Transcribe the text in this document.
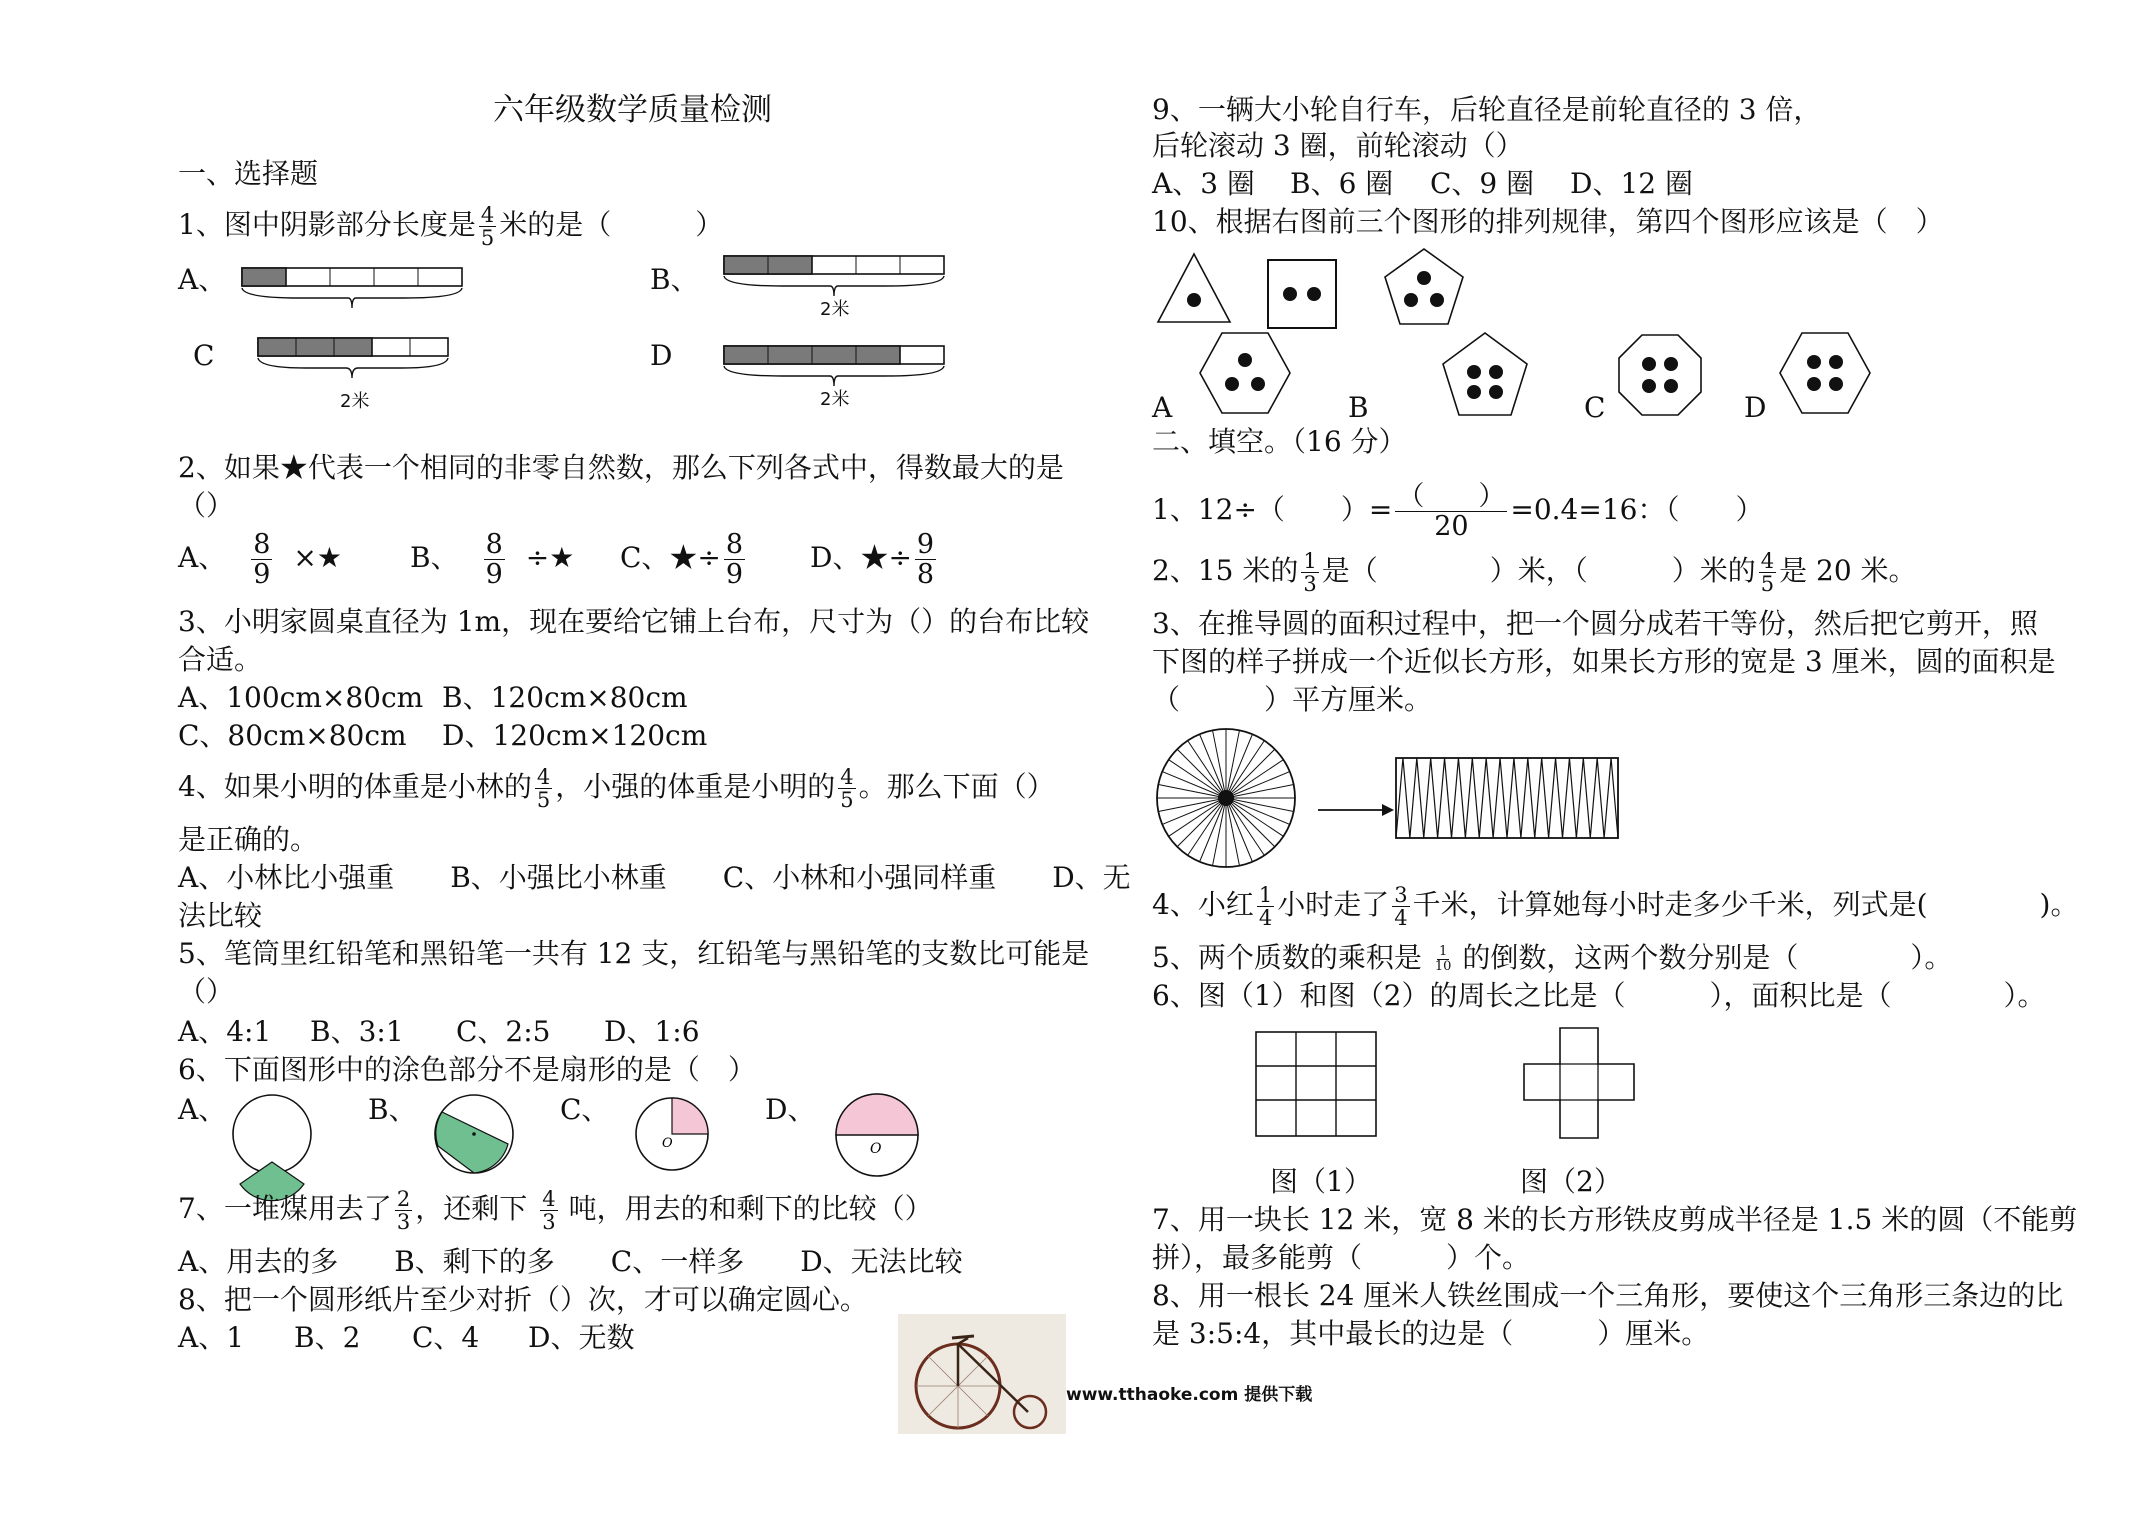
六年级数学质量检测
一、选择题
1、图中阴影部分长度是 $\frac{4}{5}$ 米的是（　　　）
A、	B、
C	D
2米
2米	2米
2、如果★代表一个相同的非零自然数，那么下列各式中，得数最大的是
（）
A、 $\frac{8}{9}$ ×★ B、 $\frac{8}{9}$ ÷★ C、★÷ $\frac{8}{9}$ D、★÷ $\frac{9}{8}$
3、小明家圆桌直径为 1m，现在要给它铺上台布，尺寸为（）的台布比较
合适。
A、100cm×80cm B、120cm×80cm
C、80cm×80cm D、120cm×120cm
4、如果小明的体重是小林的 $\frac{4}{5}$ ，小强的体重是小明的 $\frac{4}{5}$ 。那么下面（）
是正确的。
A、小林比小强重　　B、小强比小林重　　C、小林和小强同样重　　D、无
法比较
5、笔筒里红铅笔和黑铅笔一共有 12 支，红铅笔与黑铅笔的支数比可能是
（）
A、4:1 B、3:1 C、2:5 D、1:6
6、下面图形中的涂色部分不是扇形的是（　）
A、	B、	C、	D、
O	O
7、一堆煤用去了 $\frac{2}{3}$ ，还剩下 $\frac{4}{3}$ 吨，用去的和剩下的比较（）
A、用去的多　　B、剩下的多　　C、一样多　　D、无法比较
8、把一个圆形纸片至少对折（）次，才可以确定圆心。
A、1 B、2 C、4 D、无数
www.tthaoke.com 提供下载
9、一辆大小轮自行车，后轮直径是前轮直径的 3 倍，
后轮滚动 3 圈，前轮滚动（）
A、3 圈 B、6 圈 C、9 圈 D、12 圈
10、根据右图前三个图形的排列规律，第四个图形应该是（　）
A	B	C	D
二、填空。（16 分）
1、12÷（　　）= $\frac{( )}{20} =0.4=16$：（　　）
2、15 米的 $\frac{1}{3}$ 是（　　　　）米，（　　　）米的 $\frac{4}{5}$ 是 20 米。
3、在推导圆的面积过程中，把一个圆分成若干等份，然后把它剪开，照
下图的样子拼成一个近似长方形，如果长方形的宽是 3 厘米，圆的面积是
（　　　）平方厘米。
4、小红 $\frac{1}{4}$ 小时走了 $\frac{3}{4}$ 千米，计算她每小时走多少千米，列式是(　　　　)。
5、两个质数的乘积是 $\frac{1}{10}$ 的倒数，这两个数分别是（　　　　）。
6、图（1）和图（2）的周长之比是（　　　），面积比是（　　　　）。
图（1）	图（2）
7、用一块长 12 米，宽 8 米的长方形铁皮剪成半径是 1.5 米的圆（不能剪
拼），最多能剪（　　　）个。
8、用一根长 24 厘米人铁丝围成一个三角形，要使这个三角形三条边的比
是 3:5:4，其中最长的边是（　　　）厘米。
